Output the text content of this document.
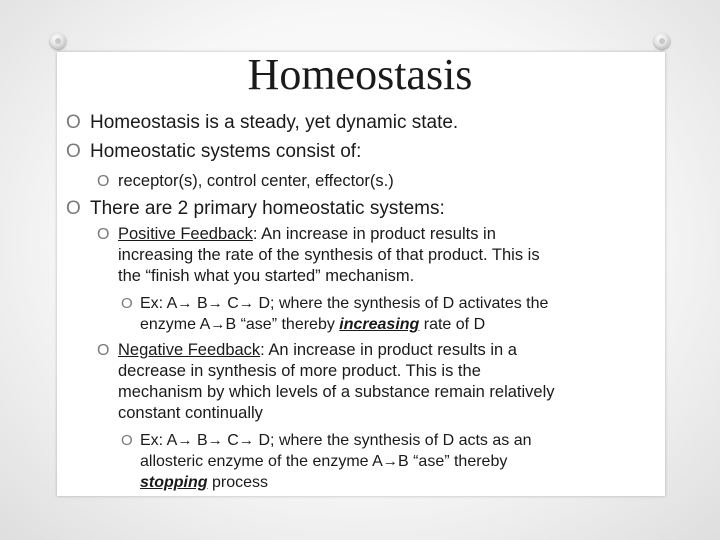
Homeostasis
O Homeostasis is a steady, yet dynamic state.
O Homeostatic systems consist of:
O receptor(s), control center, effector(s.)
O There are 2 primary homeostatic systems:
O Positive Feedback: An increase in product results in
increasing the rate of the synthesis of that product. This is
the “finish what you started” mechanism.
O Ex: A→ B→ C→ D; where the synthesis of D activates the
enzyme A→B “ase” thereby increasing rate of D
O Negative Feedback: An increase in product results in a
decrease in synthesis of more product. This is the
mechanism by which levels of a substance remain relatively
constant continually
O Ex: A→ B→ C→ D; where the synthesis of D acts as an
allosteric enzyme of the enzyme A→B “ase” thereby
stopping process
